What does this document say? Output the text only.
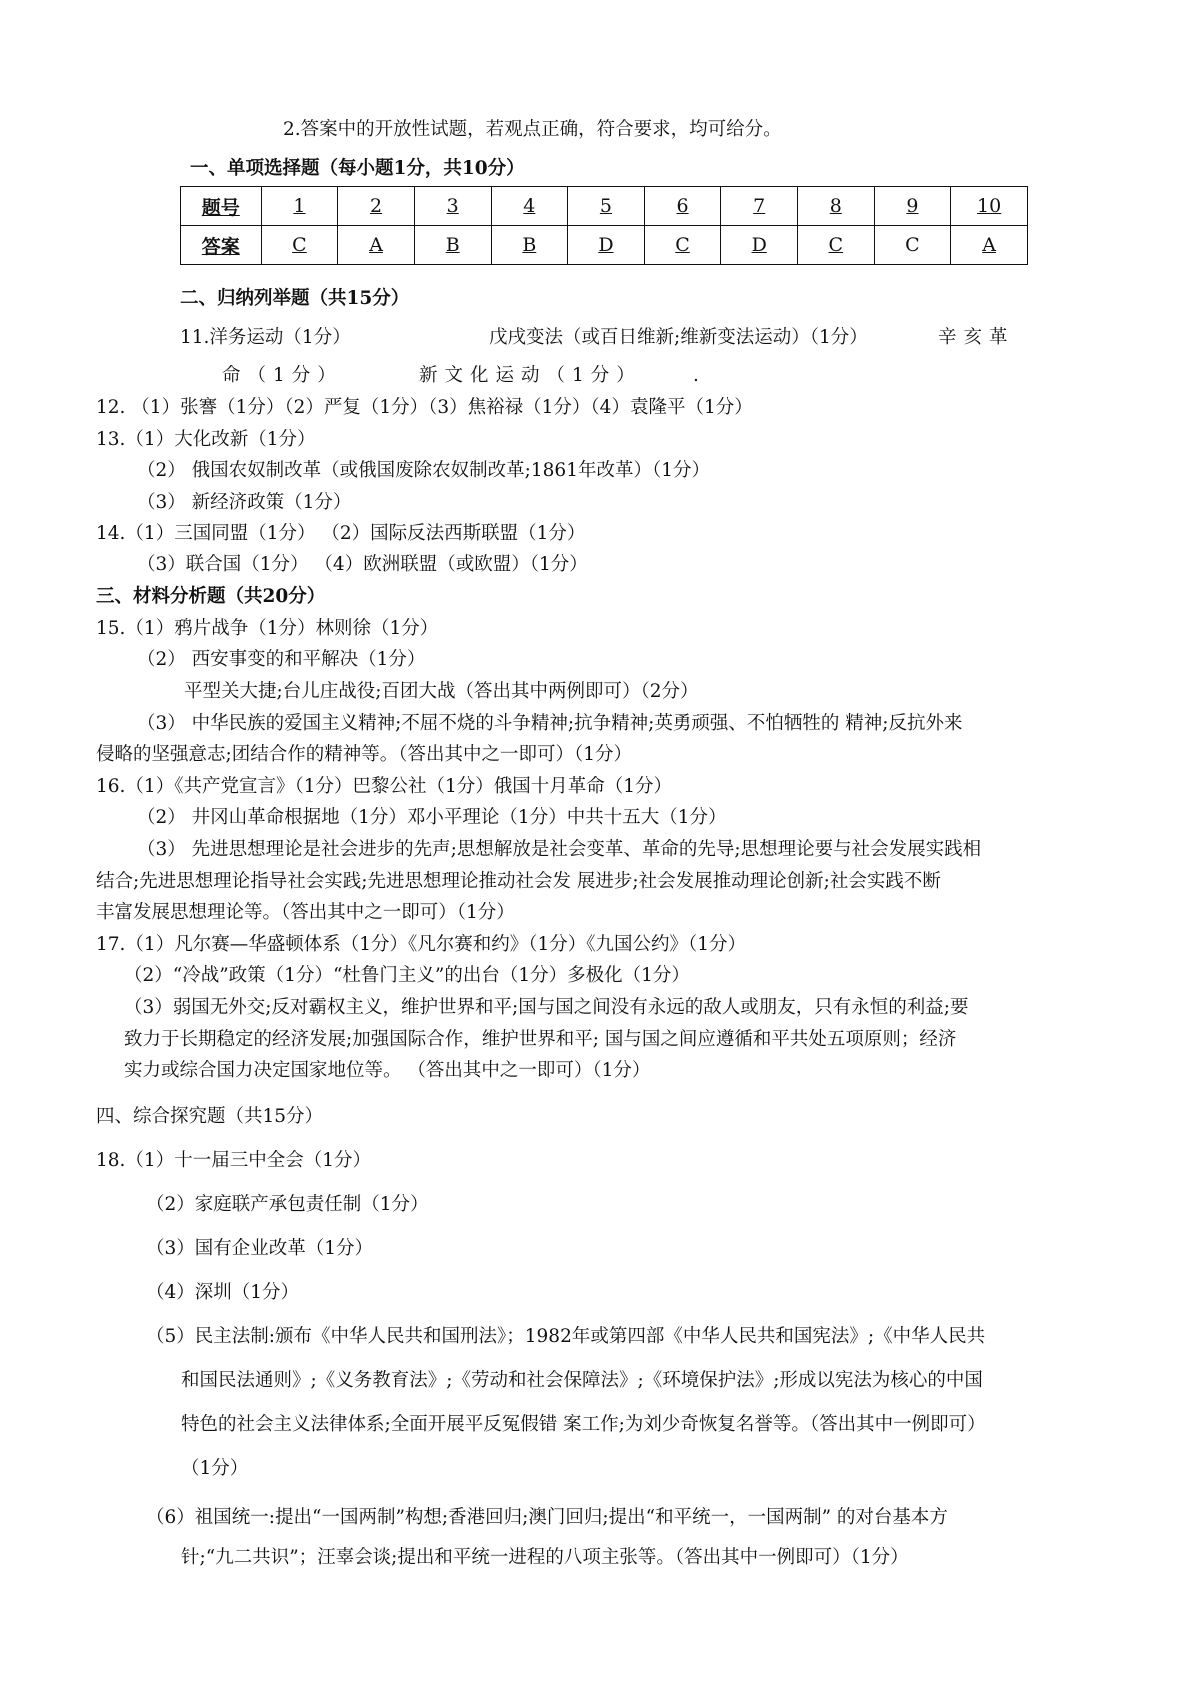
2.答案中的开放性试题，若观点正确，符合要求，均可给分。
一、单项选择题（每小题1分，共10分）
题号	1	2	3	4	5	6	7	8	9	10
答案	C	A	B	B	D	C	D	C	C	A
二、归纳列举题（共15分）
11.洋务运动（1分）	戊戌变法（或百日维新;维新变法运动）（1分）	辛亥革
命（1分）	新文化运动（1分）	.
12. （1）张謇（1分）（2）严复（1分）（3）焦裕禄（1分）（4）袁隆平（1分）
13.（1）大化改新（1分）
（2） 俄国农奴制改革（或俄国废除农奴制改革;1861年改革）（1分）
（3） 新经济政策（1分）
14.（1）三国同盟（1分） （2）国际反法西斯联盟（1分）
（3）联合国（1分） （4）欧洲联盟（或欧盟）（1分）
三、材料分析题（共20分）
15.（1）鸦片战争（1分）林则徐（1分）
（2） 西安事变的和平解决（1分）
平型关大捷;台儿庄战役;百团大战（答出其中两例即可）（2分）
（3） 中华民族的爱国主义精神;不屈不烧的斗争精神;抗争精神;英勇顽强、不怕牺牲的 精神;反抗外来
侵略的坚强意志;团结合作的精神等。（答出其中之一即可）（1分）
16.（1）《共产党宣言》（1分）巴黎公社（1分）俄国十月革命（1分）
（2） 井冈山革命根据地（1分）邓小平理论（1分）中共十五大（1分）
（3） 先进思想理论是社会进步的先声;思想解放是社会变革、革命的先导;思想理论要与社会发展实践相
结合;先进思想理论指导社会实践;先进思想理论推动社会发 展进步;社会发展推动理论创新;社会实践不断
丰富发展思想理论等。（答出其中之一即可）（1分）
17.（1）凡尔赛—华盛顿体系（1分）《凡尔赛和约》（1分）《九国公约》（1分）
（2）“冷战”政策（1分）“杜鲁门主义”的出台（1分）多极化（1分）
（3）弱国无外交;反对霸权主义，维护世界和平;国与国之间没有永远的敌人或朋友，只有永恒的利益;要
致力于长期稳定的经济发展;加强国际合作，维护世界和平; 国与国之间应遵循和平共处五项原则；经济
实力或综合国力决定国家地位等。 （答出其中之一即可）（1分）
四、综合探究题（共15分）
18.（1）十一届三中全会（1分）
（2）家庭联产承包责任制（1分）
（3）国有企业改革（1分）
（4）深圳（1分）
（5）民主法制:颁布《中华人民共和国刑法》；1982年或第四部《中华人民共和国宪法》;《中华人民共
和国民法通则》;《义务教育法》;《劳动和社会保障法》;《环境保护法》;形成以宪法为核心的中国
特色的社会主义法律体系;全面开展平反冤假错 案工作;为刘少奇恢复名誉等。（答出其中一例即可）
（1分）
（6）祖国统一:提出“一国两制”构想;香港回归;澳门回归;提出“和平统一，一国两制” 的对台基本方
针;“九二共识”；汪辜会谈;提出和平统一进程的八项主张等。（答出其中一例即可）（1分）
